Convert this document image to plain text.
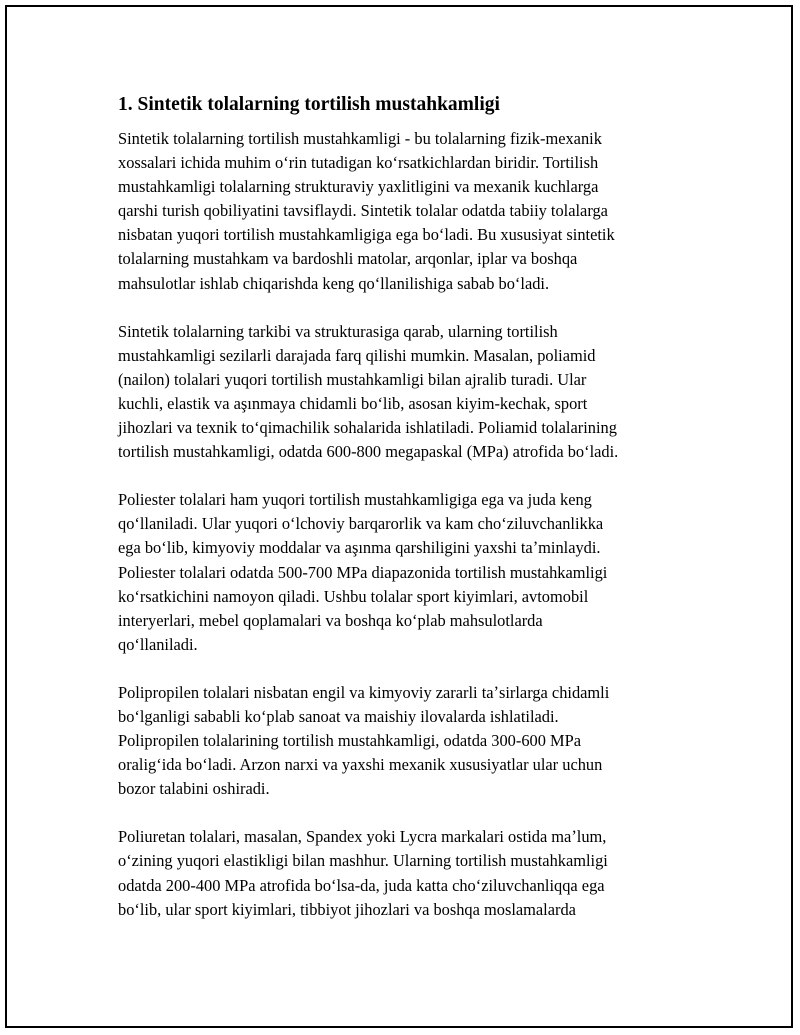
1. Sintetik tolalarning tortilish mustahkamligi

Sintetik tolalarning tortilish mustahkamligi - bu tolalarning fizik-mexanik
xossalari ichida muhim oʻrin tutadigan koʻrsatkichlardan biridir. Tortilish
mustahkamligi tolalarning strukturaviy yaxlitligini va mexanik kuchlarga
qarshi turish qobiliyatini tavsiflaydi. Sintetik tolalar odatda tabiiy tolalarga
nisbatan yuqori tortilish mustahkamligiga ega boʻladi. Bu xususiyat sintetik
tolalarning mustahkam va bardoshli matolar, arqonlar, iplar va boshqa
mahsulotlar ishlab chiqarishda keng qoʻllanilishiga sabab boʻladi.

Sintetik tolalarning tarkibi va strukturasiga qarab, ularning tortilish
mustahkamligi sezilarli darajada farq qilishi mumkin. Masalan, poliamid
(nailon) tolalari yuqori tortilish mustahkamligi bilan ajralib turadi. Ular
kuchli, elastik va aşınmaya chidamli boʻlib, asosan kiyim-kechak, sport
jihozlari va texnik toʻqimachilik sohalarida ishlatiladi. Poliamid tolalarining
tortilish mustahkamligi, odatda 600-800 megapaskal (MPa) atrofida boʻladi.

Poliester tolalari ham yuqori tortilish mustahkamligiga ega va juda keng
qoʻllaniladi. Ular yuqori oʻlchoviy barqarorlik va kam choʻziluvchanlikka
ega boʻlib, kimyoviy moddalar va aşınma qarshiligini yaxshi taʼminlaydi.
Poliester tolalari odatda 500-700 MPa diapazonida tortilish mustahkamligi
koʻrsatkichini namoyon qiladi. Ushbu tolalar sport kiyimlari, avtomobil
interyerlari, mebel qoplamalari va boshqa koʻplab mahsulotlarda
qoʻllaniladi.

Polipropilen tolalari nisbatan engil va kimyoviy zararli taʼsirlarga chidamli
boʻlganligi sababli koʻplab sanoat va maishiy ilovalarda ishlatiladi.
Polipropilen tolalarining tortilish mustahkamligi, odatda 300-600 MPa
oraligʻida boʻladi. Arzon narxi va yaxshi mexanik xususiyatlar ular uchun
bozor talabini oshiradi.

Poliuretan tolalari, masalan, Spandex yoki Lycra markalari ostida maʼlum,
oʻzining yuqori elastikligi bilan mashhur. Ularning tortilish mustahkamligi
odatda 200-400 MPa atrofida boʻlsa-da, juda katta choʻziluvchanliqqa ega
boʻlib, ular sport kiyimlari, tibbiyot jihozlari va boshqa moslamalarda
